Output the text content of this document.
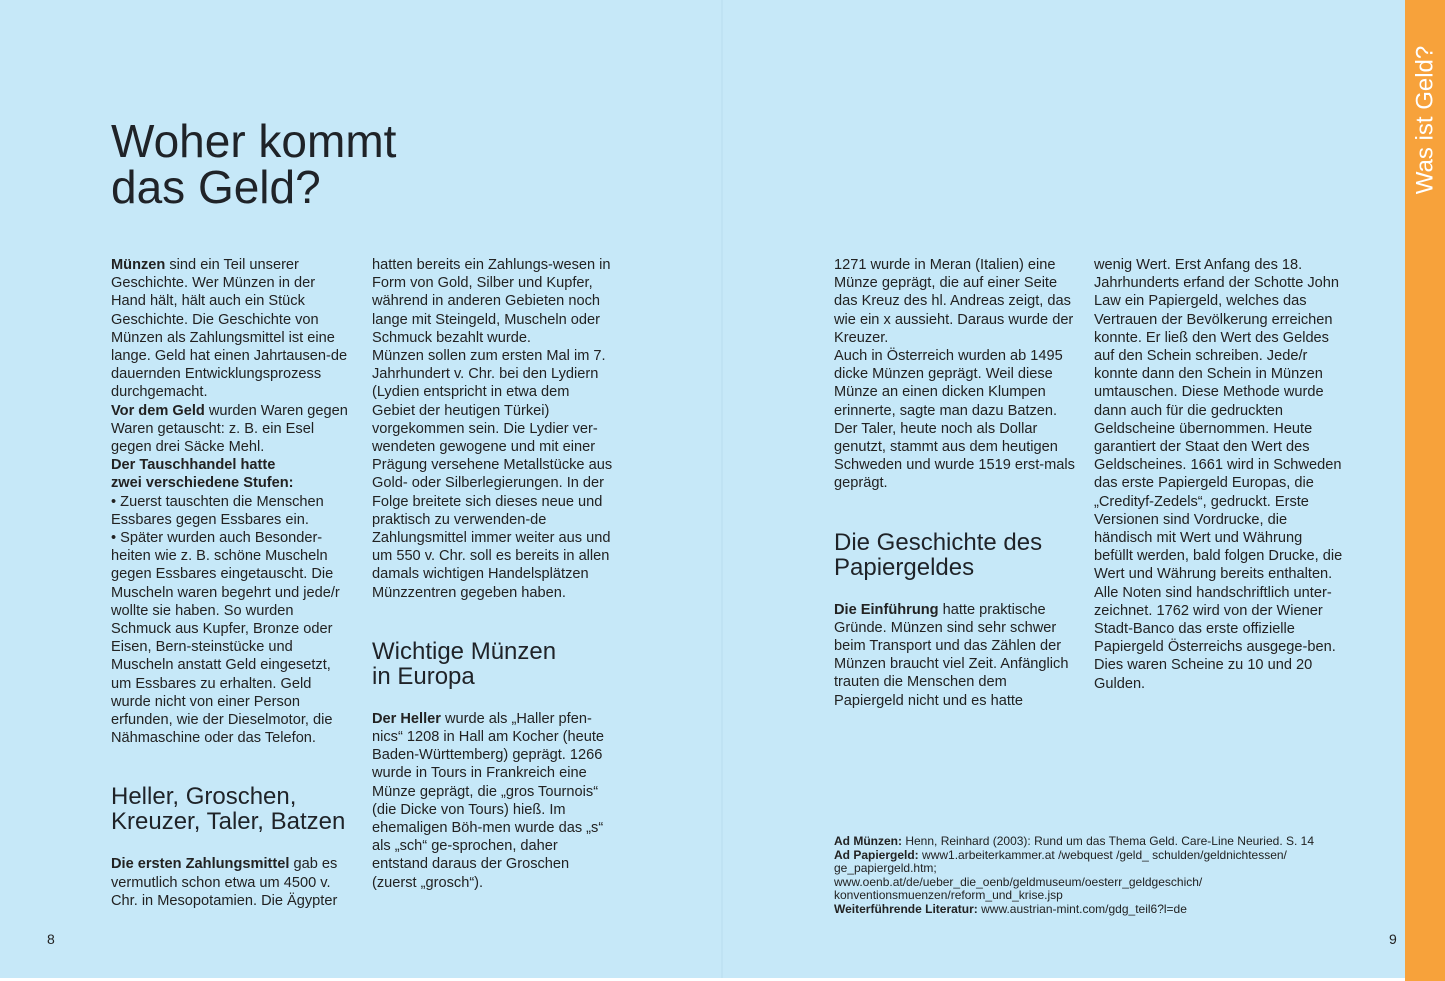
Was ist Geld?
Woher kommt
das Geld?

Münzen sind ein Teil unserer Geschichte. Wer Münzen in der Hand hält, hält auch ein Stück Geschichte. Die Geschichte von Münzen als Zahlungsmittel ist eine lange. Geld hat einen Jahrtausen-de dauernden Entwicklungsprozess durchgemacht.

Vor dem Geld wurden Waren gegen Waren getauscht: z. B. ein Esel gegen drei Säcke Mehl.

Der Tauschhandel hatte
zwei verschiedene Stufen:

• Zuerst tauschten die Menschen Essbares gegen Essbares ein.

• Später wurden auch Besonder-heiten wie z. B. schöne Muscheln gegen Essbares eingetauscht. Die Muscheln waren begehrt und jede/r wollte sie haben. So wurden Schmuck aus Kupfer, Bronze oder Eisen, Bern-steinstücke und Muscheln anstatt Geld eingesetzt, um Essbares zu erhalten. Geld wurde nicht von einer Person erfunden, wie der Dieselmotor, die Nähmaschine oder das Telefon.

Heller, Groschen,
Kreuzer, Taler, Batzen

Die ersten Zahlungsmittel gab es vermutlich schon etwa um 4500 v. Chr. in Mesopotamien. Die Ägypter

hatten bereits ein Zahlungs-wesen in Form von Gold, Silber und Kupfer, während in anderen Gebieten noch lange mit Steingeld, Muscheln oder Schmuck bezahlt wurde.

Münzen sollen zum ersten Mal im 7. Jahrhundert v. Chr. bei den Lydiern (Lydien entspricht in etwa dem Gebiet der heutigen Türkei) vorgekommen sein. Die Lydier ver-wendeten gewogene und mit einer Prägung versehene Metallstücke aus Gold- oder Silberlegierungen. In der Folge breitete sich dieses neue und praktisch zu verwenden-de Zahlungsmittel immer weiter aus und um 550 v. Chr. soll es bereits in allen damals wichtigen Handelsplätzen Münzzentren gegeben haben.

Wichtige Münzen
in Europa

Der Heller wurde als „Haller pfen-nics“ 1208 in Hall am Kocher (heute Baden-Württemberg) geprägt. 1266 wurde in Tours in Frankreich eine Münze geprägt, die „gros Tournois“ (die Dicke von Tours) hieß. Im ehemaligen Böh-men wurde das „s“ als „sch“ ge-sprochen, daher entstand daraus der Groschen (zuerst „grosch“).

1271 wurde in Meran (Italien) eine Münze geprägt, die auf einer Seite das Kreuz des hl. Andreas zeigt, das wie ein x aussieht. Daraus wurde der Kreuzer.

Auch in Österreich wurden ab 1495 dicke Münzen geprägt. Weil diese Münze an einen dicken Klumpen erinnerte, sagte man dazu Batzen.

Der Taler, heute noch als Dollar genutzt, stammt aus dem heutigen Schweden und wurde 1519 erst-mals geprägt.

Die Geschichte des
Papiergeldes

Die Einführung hatte praktische Gründe. Münzen sind sehr schwer beim Transport und das Zählen der Münzen braucht viel Zeit. Anfänglich trauten die Menschen dem Papiergeld nicht und es hatte

wenig Wert. Erst Anfang des 18. Jahrhunderts erfand der Schotte John Law ein Papiergeld, welches das Vertrauen der Bevölkerung erreichen konnte. Er ließ den Wert des Geldes auf den Schein schreiben. Jede/r konnte dann den Schein in Münzen umtauschen. Diese Methode wurde dann auch für die gedruckten Geldscheine übernommen. Heute garantiert der Staat den Wert des Geldscheines. 1661 wird in Schweden das erste Papiergeld Europas, die „Credityf-Zedels“, gedruckt. Erste Versionen sind Vordrucke, die händisch mit Wert und Währung befüllt werden, bald folgen Drucke, die Wert und Währung bereits enthalten. Alle Noten sind handschriftlich unter-zeichnet. 1762 wird von der Wiener Stadt-Banco das erste offizielle Papiergeld Österreichs ausgege-ben. Dies waren Scheine zu 10 und 20 Gulden.

Ad Münzen: Henn, Reinhard (2003): Rund um das Thema Geld. Care-Line Neuried. S. 14

Ad Papiergeld: www1.arbeiterkammer.at /webquest /geld_ schulden/geldnichtessen/

ge_papiergeld.htm;

www.oenb.at/de/ueber_die_oenb/geldmuseum/oesterr_geldgeschich/

konventionsmuenzen/reform_und_krise.jsp

Weiterführende Literatur: www.austrian-mint.com/gdg_teil6?l=de

8	9
